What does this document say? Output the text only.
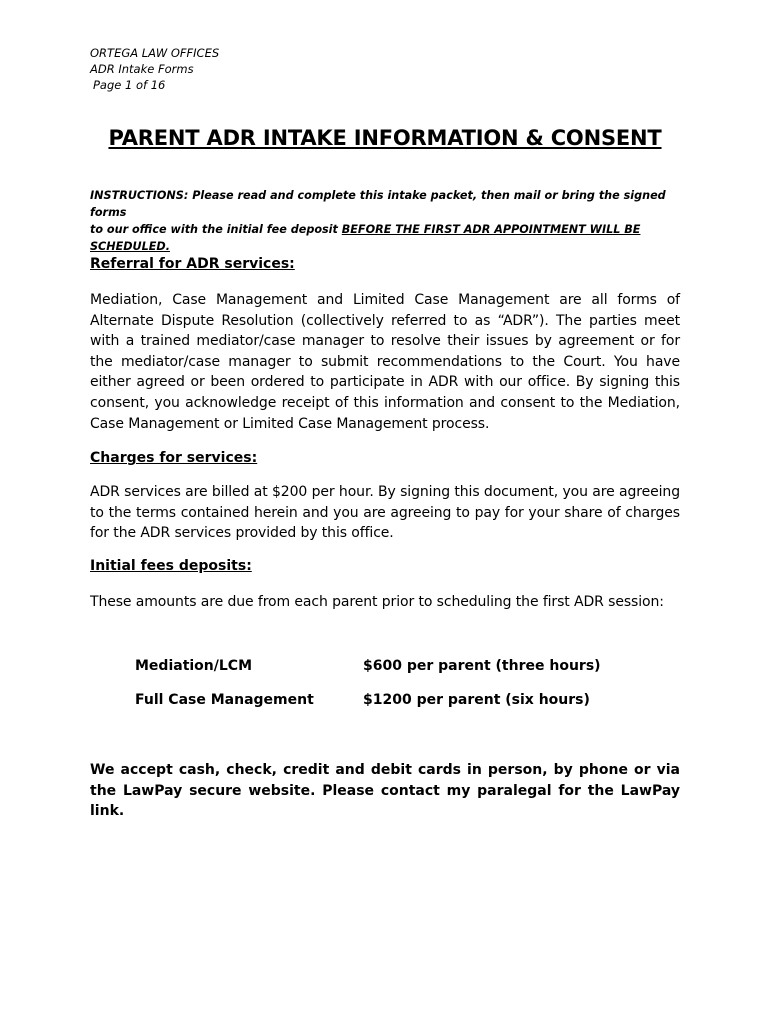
ORTEGA LAW OFFICES
ADR Intake Forms
Page 1 of 16
PARENT ADR INTAKE INFORMATION & CONSENT
INSTRUCTIONS: Please read and complete this intake packet, then mail or bring the signed forms
to our office with the initial fee deposit BEFORE THE FIRST ADR APPOINTMENT WILL BE SCHEDULED.
Referral for ADR services:
Mediation, Case Management and Limited Case Management are all forms of Alternate Dispute Resolution (collectively referred to as “ADR”). The parties meet with a trained mediator/case manager to resolve their issues by agreement or for the mediator/case manager to submit recommendations to the Court. You have either agreed or been ordered to participate in ADR with our office. By signing this consent, you acknowledge receipt of this information and consent to the Mediation, Case Management or Limited Case Management process.
Charges for services:
ADR services are billed at $200 per hour. By signing this document, you are agreeing to the terms contained herein and you are agreeing to pay for your share of charges for the ADR services provided by this office.
Initial fees deposits:
These amounts are due from each parent prior to scheduling the first ADR session:
Mediation/LCM	$600 per parent (three hours)
Full Case Management	$1200 per parent (six hours)
We accept cash, check, credit and debit cards in person, by phone or via the LawPay secure website. Please contact my paralegal for the LawPay link.
